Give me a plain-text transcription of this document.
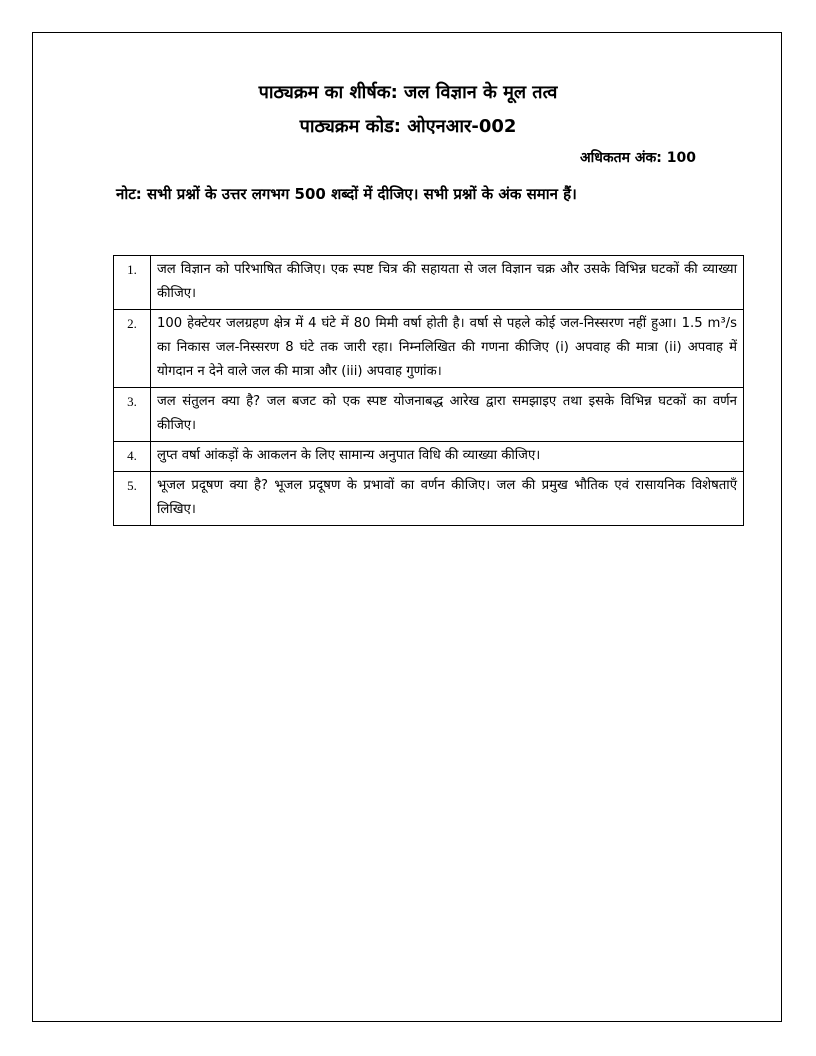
पाठ्यक्रम का शीर्षक: जल विज्ञान के मूल तत्व
पाठ्यक्रम कोड: ओएनआर-002
अधिकतम अंक: 100
नोट: सभी प्रश्नों के उत्तर लगभग 500 शब्दों में दीजिए। सभी प्रश्नों के अंक समान हैं।
1.	जल विज्ञान को परिभाषित कीजिए। एक स्पष्ट चित्र की सहायता से जल विज्ञान चक्र और उसके विभिन्न घटकों की व्याख्या कीजिए।
2.	100 हेक्टेयर जलग्रहण क्षेत्र में 4 घंटे में 80 मिमी वर्षा होती है। वर्षा से पहले कोई जल-निस्सरण नहीं हुआ। 1.5 m³/s का निकास जल-निस्सरण 8 घंटे तक जारी रहा। निम्नलिखित की गणना कीजिए (i) अपवाह की मात्रा (ii) अपवाह में योगदान न देने वाले जल की मात्रा और (iii) अपवाह गुणांक।
3.	जल संतुलन क्या है? जल बजट को एक स्पष्ट योजनाबद्ध आरेख द्वारा समझाइए तथा इसके विभिन्न घटकों का वर्णन कीजिए।
4.	लुप्त वर्षा आंकड़ों के आकलन के लिए सामान्य अनुपात विधि की व्याख्या कीजिए।
5.	भूजल प्रदूषण क्या है? भूजल प्रदूषण के प्रभावों का वर्णन कीजिए। जल की प्रमुख भौतिक एवं रासायनिक विशेषताएँ लिखिए।
